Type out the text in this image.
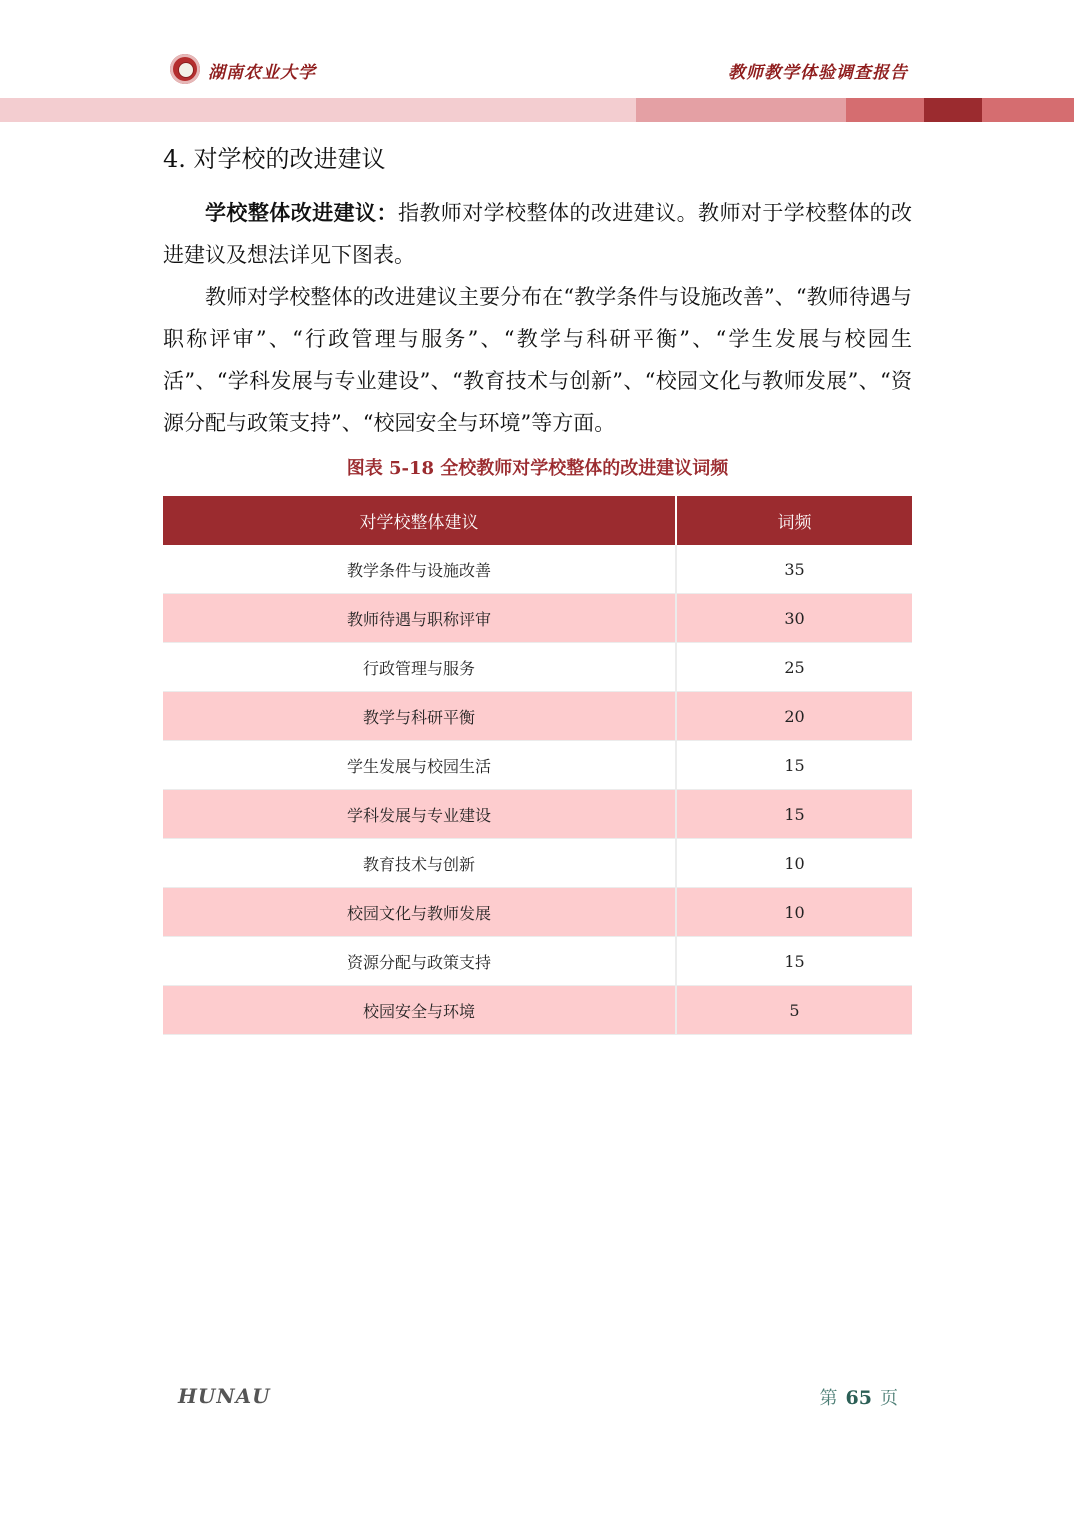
湖南农业大学	教师教学体验调查报告
4. 对学校的改进建议

学校整体改进建议：指教师对学校整体的改进建议。教师对于学校整体的改进建议及想法详见下图表。

教师对学校整体的改进建议主要分布在“教学条件与设施改善”、“教师待遇与职称评审”、“行政管理与服务”、“教学与科研平衡”、“学生发展与校园生活”、“学科发展与专业建设”、“教育技术与创新”、“校园文化与教师发展”、“资源分配与政策支持”、“校园安全与环境”等方面。

图表 5-18 全校教师对学校整体的改进建议词频
对学校整体建议	词频
教学条件与设施改善	35
教师待遇与职称评审	30
行政管理与服务	25
教学与科研平衡	20
学生发展与校园生活	15
学科发展与专业建设	15
教育技术与创新	10
校园文化与教师发展	10
资源分配与政策支持	15
校园安全与环境	5
HUNAU	第 65 页
